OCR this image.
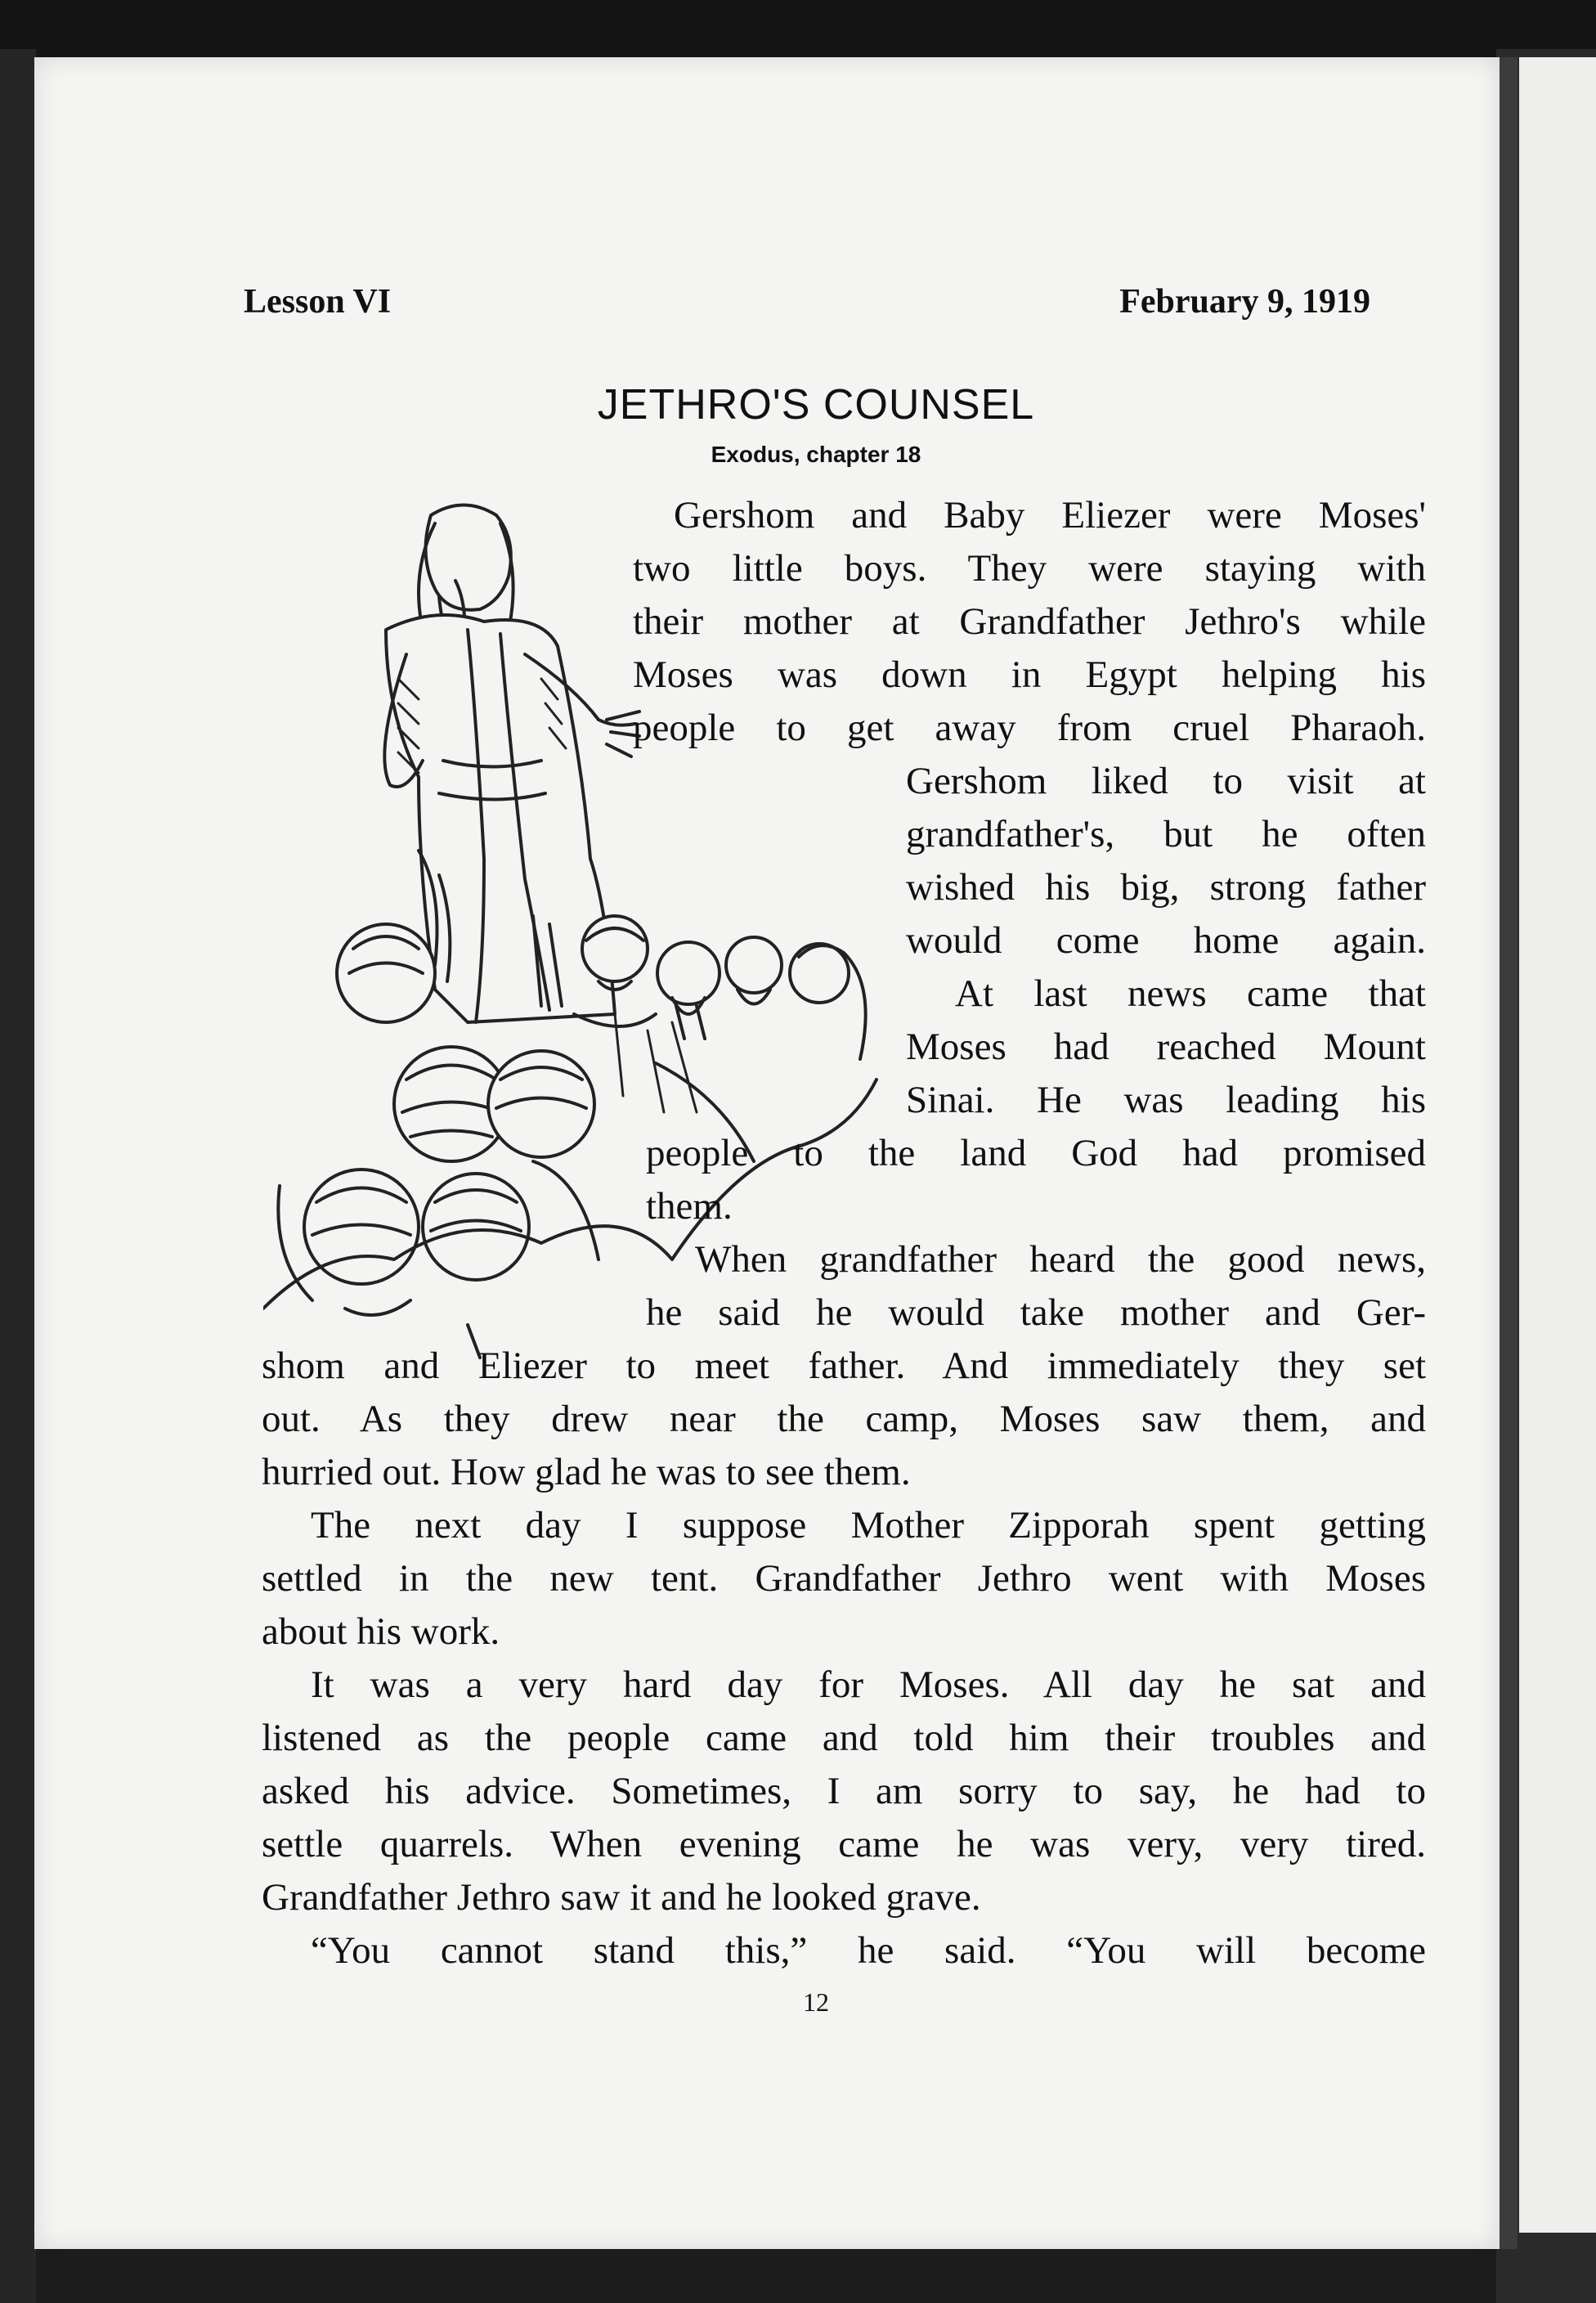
Lesson VI	February 9, 1919
JETHRO'S COUNSEL
Exodus, chapter 18
Gershom and Baby Eliezer were Moses'
two little boys. They were staying with
their mother at Grandfather Jethro's while
Moses was down in Egypt helping his
people to get away from cruel Pharaoh.
Gershom liked to visit at
grandfather's, but he often
wished his big, strong father
would come home again.
At last news came that
Moses had reached Mount
Sinai. He was leading his
people to the land God had promised
them.
When grandfather heard the good news,
he said he would take mother and Ger-
shom and Eliezer to meet father. And immediately they set
out. As they drew near the camp, Moses saw them, and
hurried out. How glad he was to see them.
The next day I suppose Mother Zipporah spent getting
settled in the new tent. Grandfather Jethro went with Moses
about his work.
It was a very hard day for Moses. All day he sat and
listened as the people came and told him their troubles and
asked his advice. Sometimes, I am sorry to say, he had to
settle quarrels. When evening came he was very, very tired.
Grandfather Jethro saw it and he looked grave.
“You cannot stand this,” he said. “You will become
12
